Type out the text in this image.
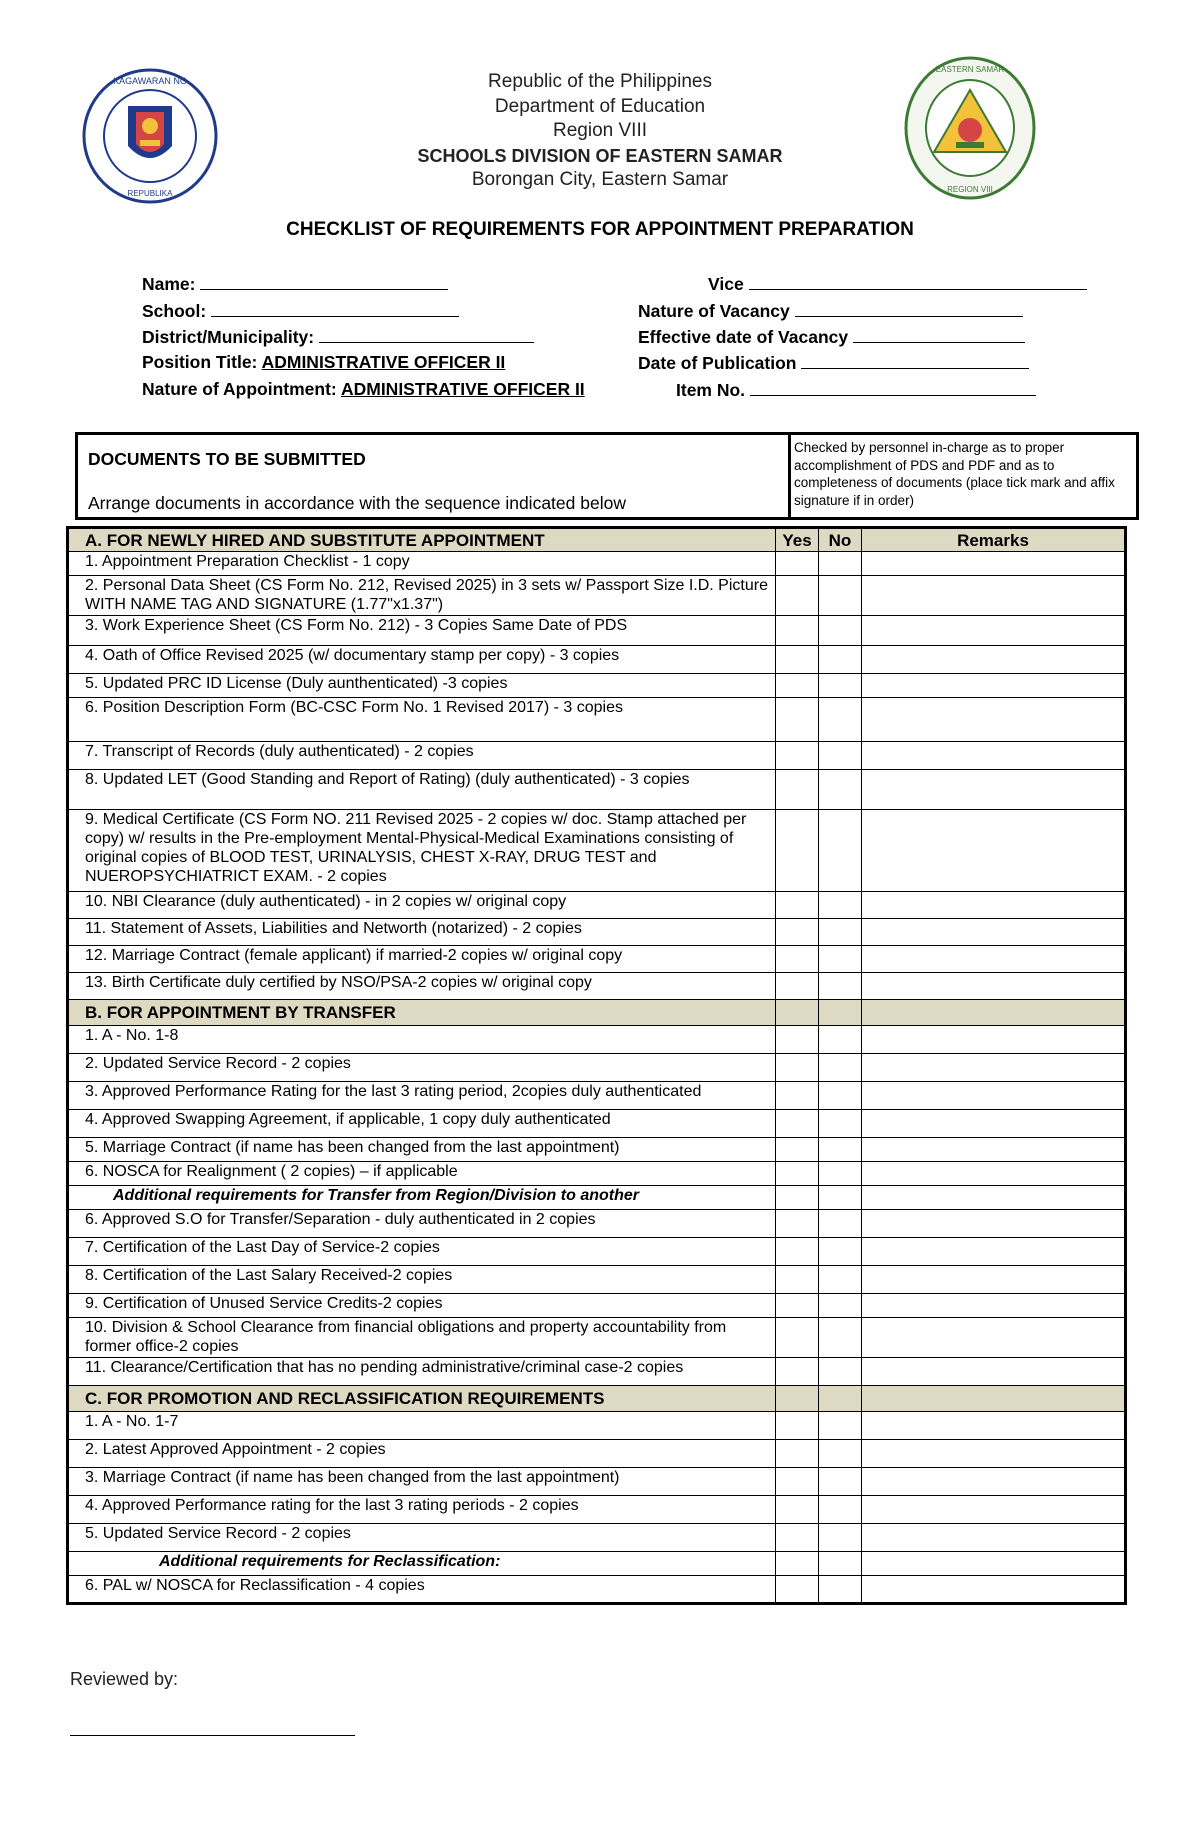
KAGAWARAN NG
REPUBLIKA
EASTERN SAMAR
REGION VIII
Republic of the Philippines
Department of Education
Region VIII
SCHOOLS DIVISION OF EASTERN SAMAR
Borongan City, Eastern Samar
CHECKLIST OF REQUIREMENTS FOR APPOINTMENT PREPARATION
Name:
School:
District/Municipality:
Position Title: ADMINISTRATIVE OFFICER II
Nature of Appointment: ADMINISTRATIVE OFFICER II
Vice
Nature of Vacancy
Effective date of Vacancy
Date of Publication
Item No.
DOCUMENTS TO BE SUBMITTED
Arrange documents in accordance with the sequence indicated below
Checked by personnel in-charge as to proper accomplishment of PDS and PDF and as to completeness of documents (place tick mark and affix signature if in order)
A. FOR NEWLY HIRED AND SUBSTITUTE APPOINTMENT	Yes	No	Remarks
1. Appointment Preparation Checklist - 1 copy			
2. Personal Data Sheet (CS Form No. 212, Revised 2025) in 3 sets w/ Passport Size I.D. Picture WITH NAME TAG AND SIGNATURE (1.77"x1.37")			
3. Work Experience Sheet (CS Form No. 212) - 3 Copies Same Date of PDS			
4. Oath of Office Revised 2025 (w/ documentary stamp per copy) - 3 copies			
5. Updated PRC ID License (Duly aunthenticated) -3 copies			
6. Position Description Form (BC-CSC Form No. 1 Revised 2017) - 3 copies			
7. Transcript of Records (duly authenticated) - 2 copies			
8. Updated LET (Good Standing and Report of Rating) (duly authenticated) - 3 copies			
9. Medical Certificate (CS Form NO. 211 Revised 2025 - 2 copies w/ doc. Stamp attached per copy) w/ results in the Pre-employment Mental-Physical-Medical Examinations consisting of original copies of BLOOD TEST, URINALYSIS, CHEST X-RAY, DRUG TEST and NUEROPSYCHIATRICT EXAM. - 2 copies			
10. NBI Clearance (duly authenticated) - in 2 copies w/ original copy			
11. Statement of Assets, Liabilities and Networth (notarized) - 2 copies			
12. Marriage Contract (female applicant) if married-2 copies w/ original copy			
13. Birth Certificate duly certified by NSO/PSA-2 copies w/ original copy			
B. FOR APPOINTMENT BY TRANSFER			
1. A - No. 1-8			
2. Updated Service Record - 2 copies			
3. Approved Performance Rating for the last 3 rating period, 2copies duly authenticated			
4. Approved Swapping Agreement, if applicable, 1 copy duly authenticated			
5. Marriage Contract (if name has been changed from the last appointment)			
6. NOSCA for Realignment ( 2 copies) – if applicable			
Additional requirements for Transfer from Region/Division to another			
6. Approved S.O for Transfer/Separation - duly authenticated in 2 copies			
7. Certification of the Last Day of Service-2 copies			
8. Certification of the Last Salary Received-2 copies			
9. Certification of Unused Service Credits-2 copies			
10. Division & School Clearance from financial obligations and property accountability from former office-2 copies			
11. Clearance/Certification that has no pending administrative/criminal case-2 copies			
C. FOR PROMOTION AND RECLASSIFICATION REQUIREMENTS			
1. A - No. 1-7			
2. Latest Approved Appointment - 2 copies			
3. Marriage Contract (if name has been changed from the last appointment)			
4. Approved Performance rating for the last 3 rating periods - 2 copies			
5. Updated Service Record - 2 copies			
Additional requirements for Reclassification:			
6. PAL w/ NOSCA for Reclassification - 4 copies			
Reviewed by:
